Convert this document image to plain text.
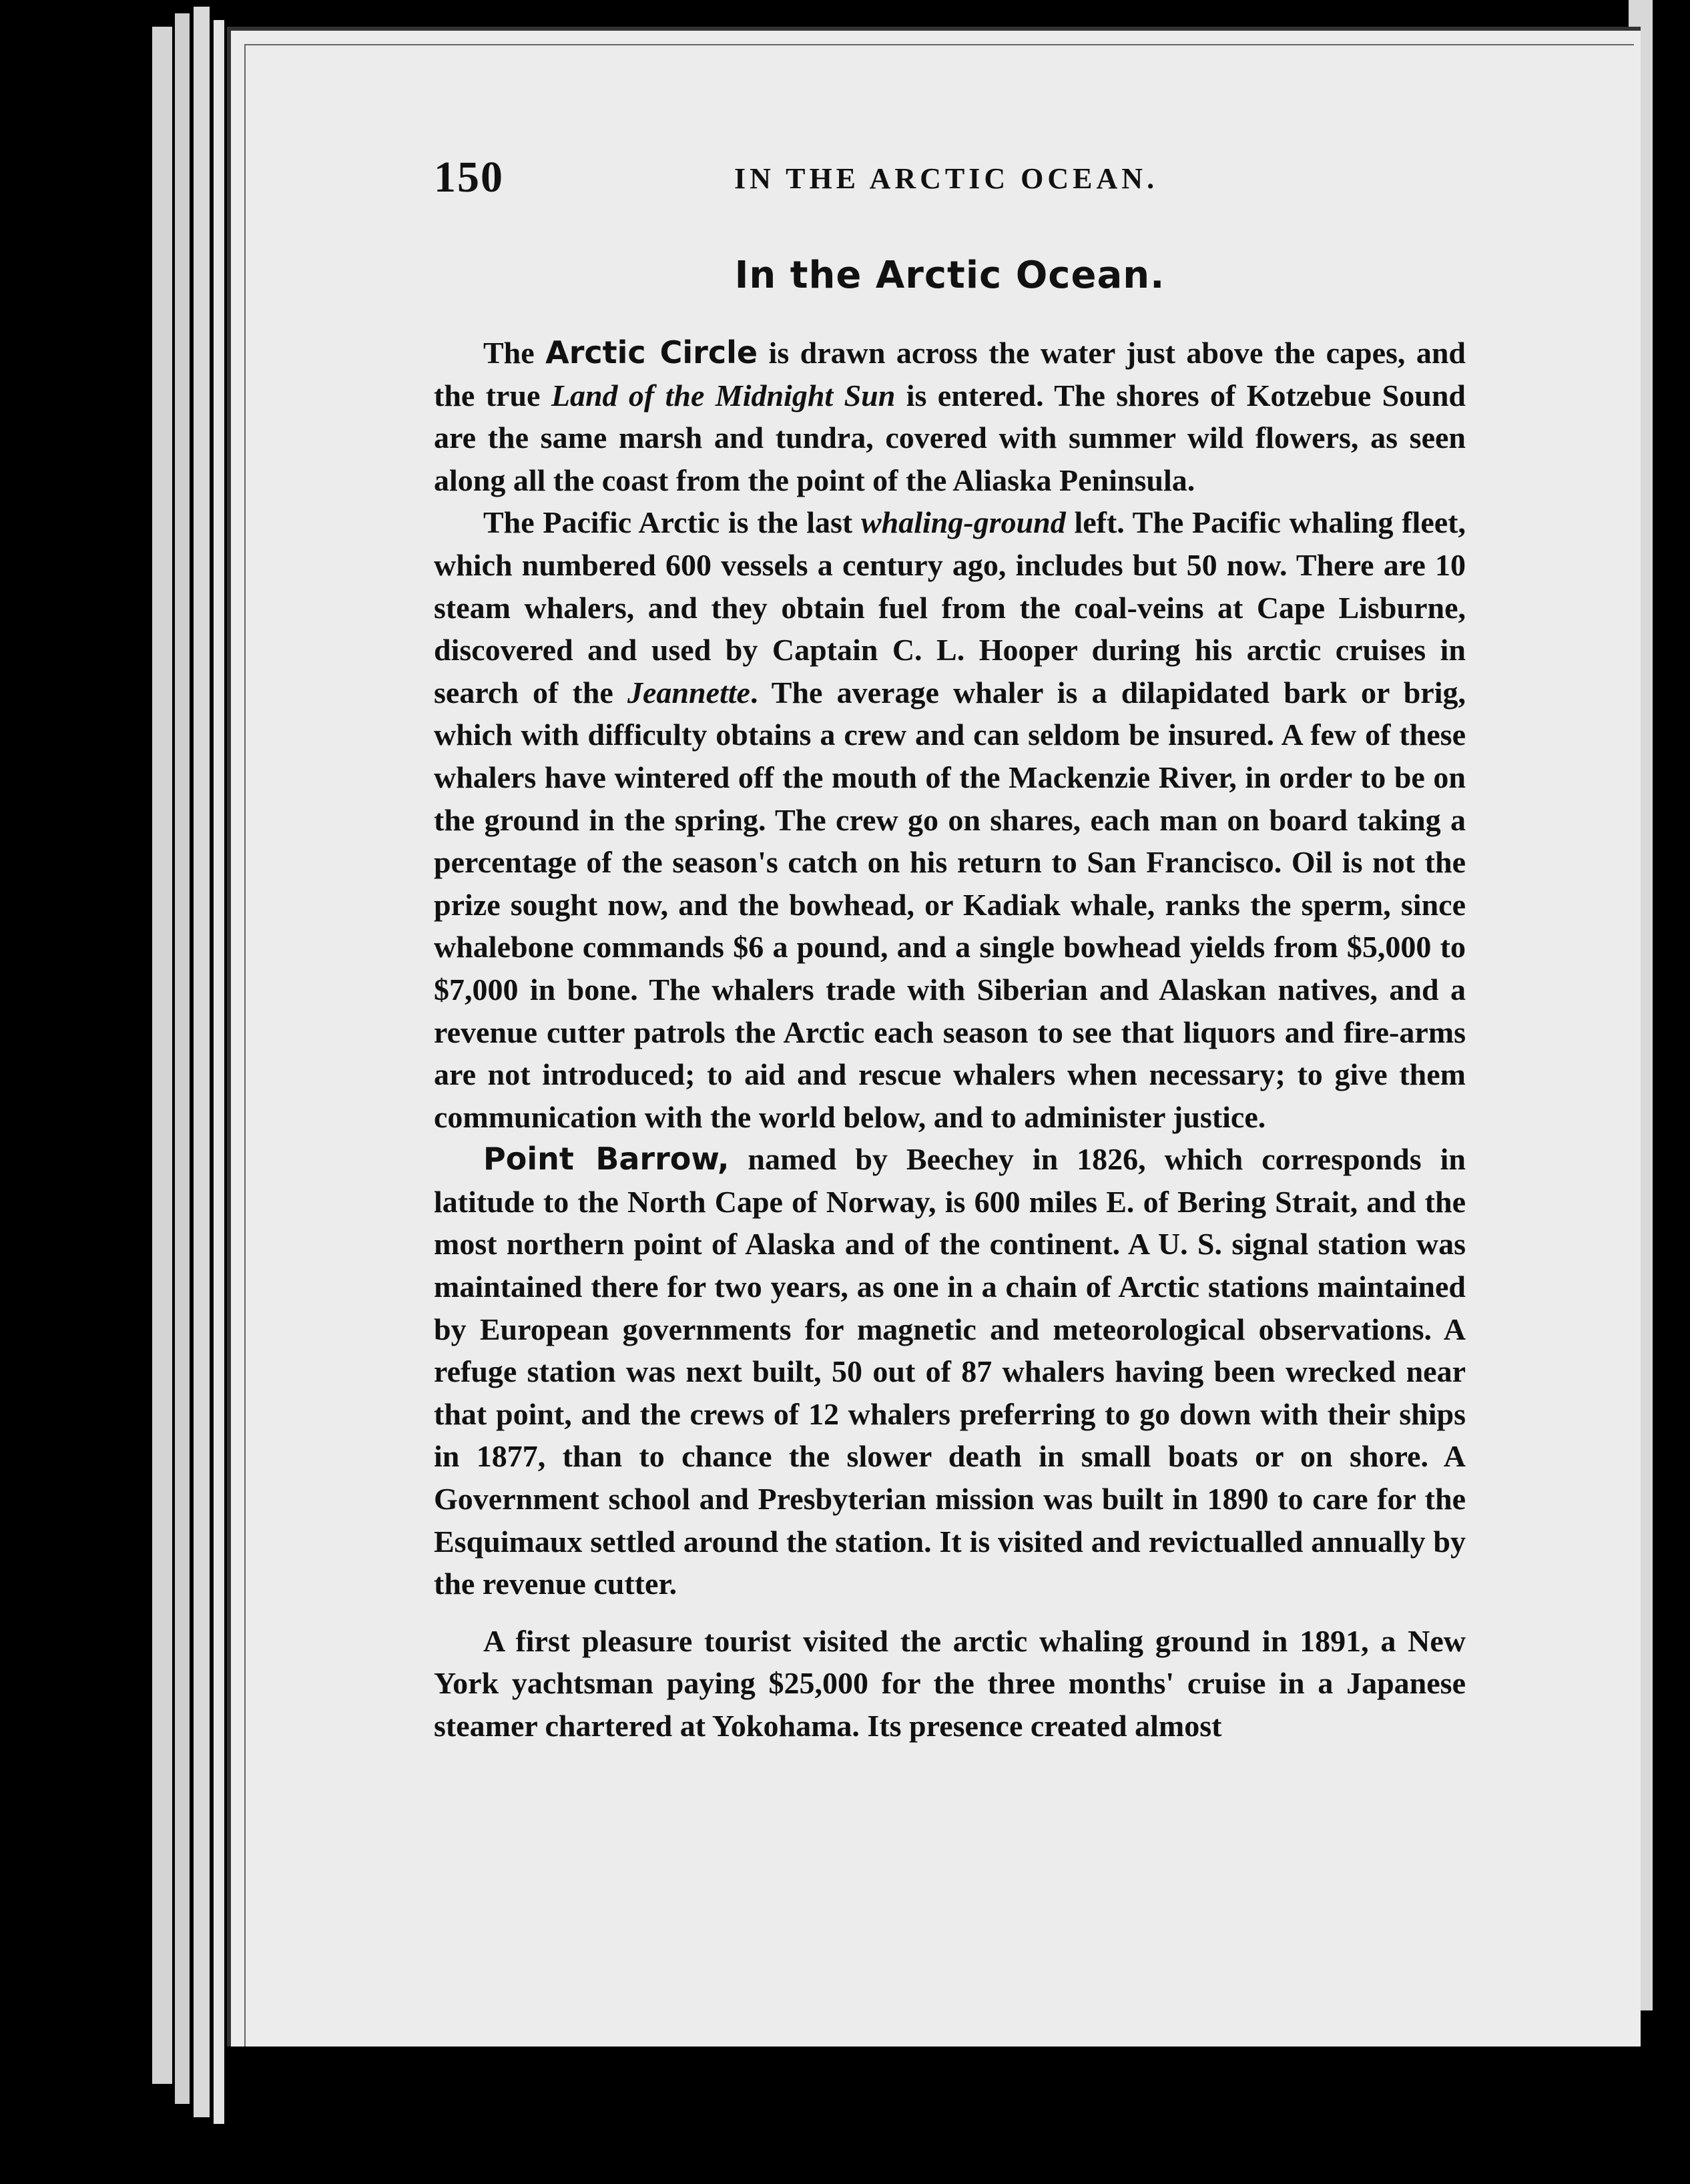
150	IN THE ARCTIC OCEAN.
In the Arctic Ocean.

The Arctic Circle is drawn across the water just above the capes, and the true Land of the Midnight Sun is entered. The shores of Kotzebue Sound are the same marsh and tundra, covered with summer wild flowers, as seen along all the coast from the point of the Aliaska Peninsula.

The Pacific Arctic is the last whaling-ground left. The Pacific whaling fleet, which numbered 600 vessels a century ago, includes but 50 now. There are 10 steam whalers, and they obtain fuel from the coal-veins at Cape Lisburne, discovered and used by Captain C. L. Hooper during his arctic cruises in search of the Jeannette. The average whaler is a dilapidated bark or brig, which with difficulty obtains a crew and can seldom be insured. A few of these whalers have wintered off the mouth of the Mackenzie River, in order to be on the ground in the spring. The crew go on shares, each man on board taking a percentage of the season's catch on his return to San Francisco. Oil is not the prize sought now, and the bowhead, or Kadiak whale, ranks the sperm, since whalebone commands $6 a pound, and a single bowhead yields from $5,000 to $7,000 in bone. The whalers trade with Siberian and Alaskan natives, and a revenue cutter patrols the Arctic each season to see that liquors and fire-arms are not introduced; to aid and rescue whalers when necessary; to give them communication with the world below, and to administer justice.

Point Barrow, named by Beechey in 1826, which corresponds in latitude to the North Cape of Norway, is 600 miles E. of Bering Strait, and the most northern point of Alaska and of the continent. A U. S. signal station was maintained there for two years, as one in a chain of Arctic stations maintained by European governments for magnetic and meteorological observations. A refuge station was next built, 50 out of 87 whalers having been wrecked near that point, and the crews of 12 whalers preferring to go down with their ships in 1877, than to chance the slower death in small boats or on shore. A Government school and Presbyterian mission was built in 1890 to care for the Esquimaux settled around the station. It is visited and revictualled annually by the revenue cutter.

A first pleasure tourist visited the arctic whaling ground in 1891, a New York yachtsman paying $25,000 for the three months' cruise in a Japanese steamer chartered at Yokohama. Its presence created almost
